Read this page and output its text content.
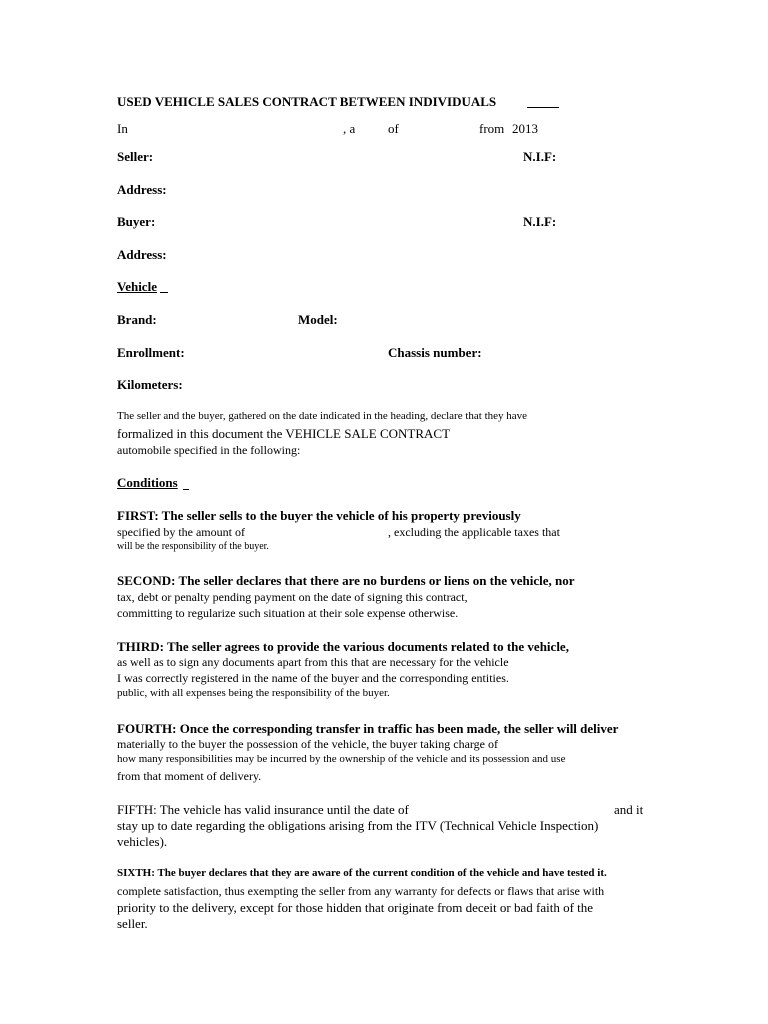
USED VEHICLE SALES CONTRACT BETWEEN INDIVIDUALS
In	, a	of	from 2013
Seller:	N.I.F:
Address:
Buyer:	N.I.F:
Address:
Vehicle
Brand:	Model:
Enrollment:	Chassis number:
Kilometers:
The seller and the buyer, gathered on the date indicated in the heading, declare that they have
formalized in this document the VEHICLE SALE CONTRACT
automobile specified in the following:
Conditions
FIRST: The seller sells to the buyer the vehicle of his property previously
specified by the amount of	, excluding the applicable taxes that
will be the responsibility of the buyer.
SECOND: The seller declares that there are no burdens or liens on the vehicle, nor
tax, debt or penalty pending payment on the date of signing this contract,
committing to regularize such situation at their sole expense otherwise.
THIRD: The seller agrees to provide the various documents related to the vehicle,
as well as to sign any documents apart from this that are necessary for the vehicle
I was correctly registered in the name of the buyer and the corresponding entities.
public, with all expenses being the responsibility of the buyer.
FOURTH: Once the corresponding transfer in traffic has been made, the seller will deliver
materially to the buyer the possession of the vehicle, the buyer taking charge of
how many responsibilities may be incurred by the ownership of the vehicle and its possession and use
from that moment of delivery.
FIFTH: The vehicle has valid insurance until the date of	and it
stay up to date regarding the obligations arising from the ITV (Technical Vehicle Inspection)
vehicles).
SIXTH: The buyer declares that they are aware of the current condition of the vehicle and have tested it.
complete satisfaction, thus exempting the seller from any warranty for defects or flaws that arise with
priority to the delivery, except for those hidden that originate from deceit or bad faith of the
seller.
